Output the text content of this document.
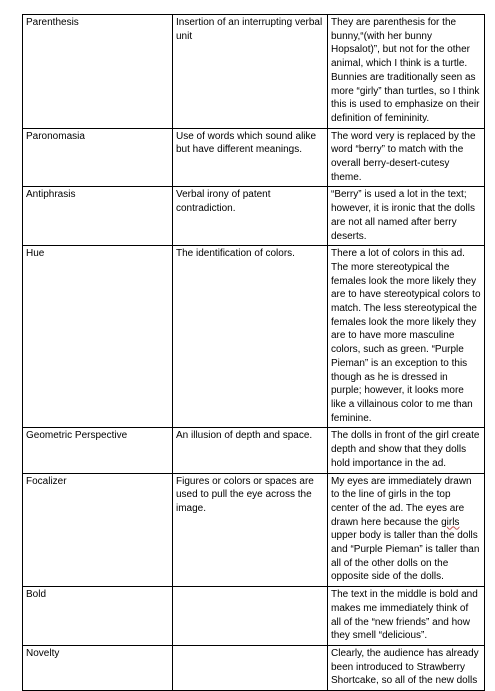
Parenthesis	Insertion of an interrupting verbal unit	They are parenthesis for the bunny,“(with her bunny Hopsalot)”, but not for the other animal, which I think is a turtle. Bunnies are traditionally seen as more “girly” than turtles, so I think this is used to emphasize on their definition of femininity.
Paronomasia	Use of words which sound alike but have different meanings.	The word very is replaced by the word “berry” to match with the overall berry-desert-cutesy theme.
Antiphrasis	Verbal irony of patent contradiction.	“Berry” is used a lot in the text; however, it is ironic that the dolls are not all named after berry deserts.
Hue	The identification of colors.	There a lot of colors in this ad. The more stereotypical the females look the more likely they are to have stereotypical colors to match. The less stereotypical the females look the more likely they are to have more masculine colors, such as green. “Purple Pieman” is an exception to this though as he is dressed in purple; however, it looks more like a villainous color to me than feminine.
Geometric Perspective	An illusion of depth and space.	The dolls in front of the girl create depth and show that they dolls hold importance in the ad.
Focalizer	Figures or colors or spaces are used to pull the eye across the image.	My eyes are immediately drawn to the line of girls in the top center of the ad. The eyes are drawn here because the girls upper body is taller than the dolls and “Purple Pieman” is taller than all of the other dolls on the opposite side of the dolls.
Bold		The text in the middle is bold and makes me immediately think of all of the “new friends” and how they smell “delicious”.
Novelty		Clearly, the audience has already been introduced to Strawberry Shortcake, so all of the new dolls
